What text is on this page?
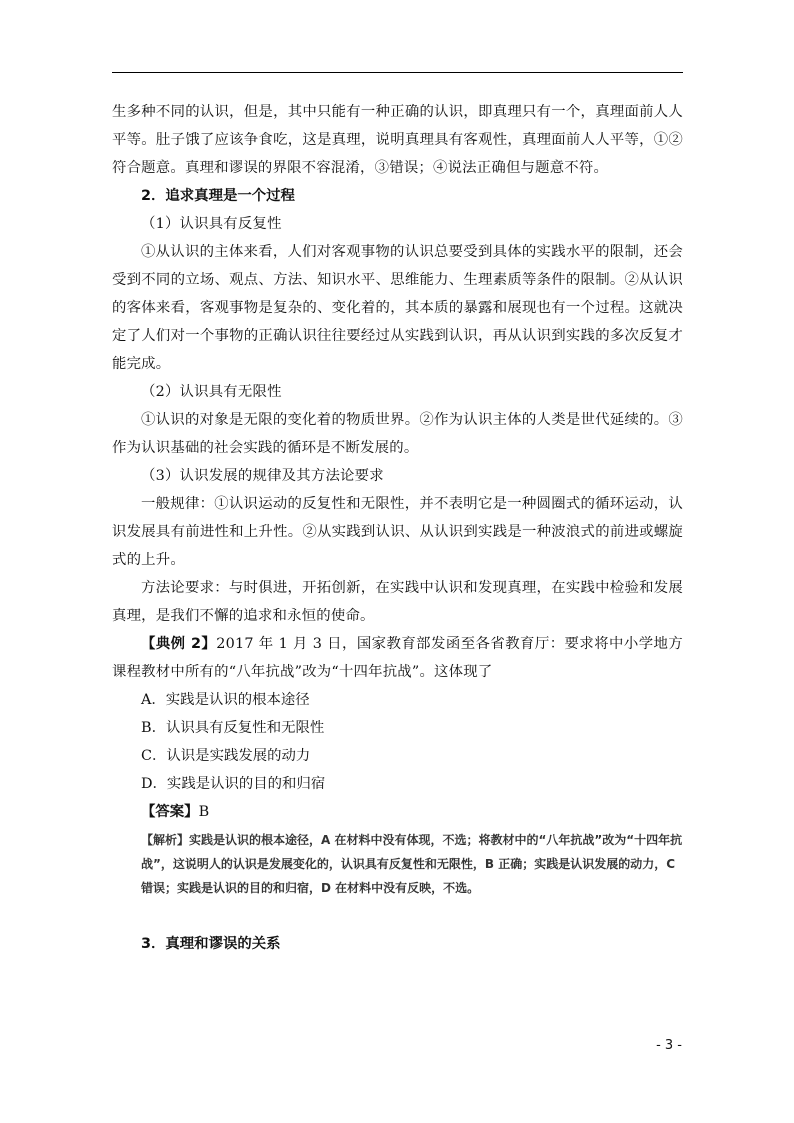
生多种不同的认识，但是，其中只能有一种正确的认识，即真理只有一个，真理面前人人平等。肚子饿了应该争食吃，这是真理，说明真理具有客观性，真理面前人人平等，①②符合题意。真理和谬误的界限不容混淆，③错误；④说法正确但与题意不符。

2．追求真理是一个过程

（1）认识具有反复性

①从认识的主体来看，人们对客观事物的认识总要受到具体的实践水平的限制，还会受到不同的立场、观点、方法、知识水平、思维能力、生理素质等条件的限制。②从认识的客体来看，客观事物是复杂的、变化着的，其本质的暴露和展现也有一个过程。这就决定了人们对一个事物的正确认识往往要经过从实践到认识，再从认识到实践的多次反复才能完成。

（2）认识具有无限性

①认识的对象是无限的变化着的物质世界。②作为认识主体的人类是世代延续的。③作为认识基础的社会实践的循环是不断发展的。

（3）认识发展的规律及其方法论要求

一般规律：①认识运动的反复性和无限性，并不表明它是一种圆圈式的循环运动，认识发展具有前进性和上升性。②从实践到认识、从认识到实践是一种波浪式的前进或螺旋式的上升。

方法论要求：与时俱进，开拓创新，在实践中认识和发现真理，在实践中检验和发展真理，是我们不懈的追求和永恒的使命。

【典例 2】2017 年 1 月 3 日，国家教育部发函至各省教育厅：要求将中小学地方课程教材中所有的“八年抗战”改为“十四年抗战”。这体现了

A．实践是认识的根本途径

B．认识具有反复性和无限性

C．认识是实践发展的动力

D．实践是认识的目的和归宿

【答案】B

【解析】实践是认识的根本途径，A 在材料中没有体现，不选；将教材中的“八年抗战”改为“十四年抗战”，这说明人的认识是发展变化的，认识具有反复性和无限性，B 正确；实践是认识发展的动力，C 错误；实践是认识的目的和归宿，D 在材料中没有反映，不选。

3．真理和谬误的关系

- 3 -
